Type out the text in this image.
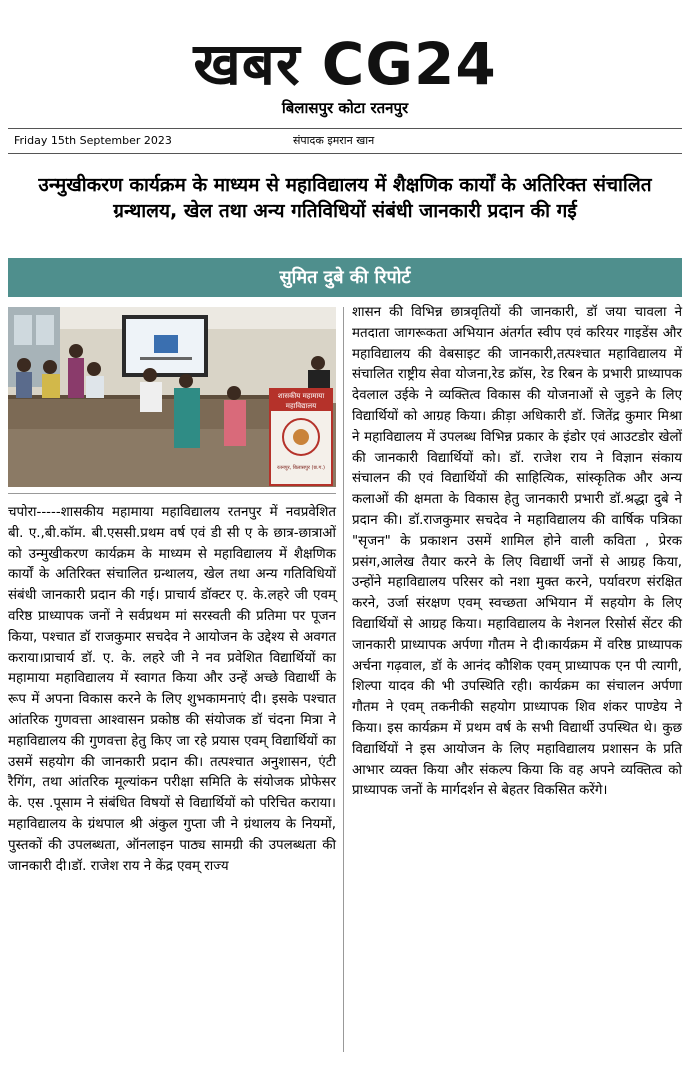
खबर CG24
बिलासपुर कोटा रतनपुर
Friday 15th September 2023	संपादक इमरान खान
उन्मुखीकरण कार्यक्रम के माध्यम से महाविद्यालय में शैक्षणिक कार्यों के अतिरिक्त संचालित ग्रन्थालय, खेल तथा अन्य गतिविधियों संबंधी जानकारी प्रदान की गई
सुमित दुबे की रिपोर्ट
शासकीय महामाया
महाविद्यालय
रतनपुर, बिलासपुर (छ.ग.)
चपोरा-----शासकीय महामाया महाविद्यालय रतनपुर में नवप्रवेशित बी. ए.,बी.कॉम. बी.एससी.प्रथम वर्ष एवं डी सी ए के छात्र-छात्राओं को उन्मुखीकरण कार्यक्रम के माध्यम से महाविद्यालय में शैक्षणिक कार्यों के अतिरिक्त संचालित ग्रन्थालय, खेल तथा अन्य गतिविधियों संबंधी जानकारी प्रदान की गई। प्राचार्य डॉक्टर ए. के.लहरे जी एवम् वरिष्ठ प्राध्यापक जनों ने सर्वप्रथम मां सरस्वती की प्रतिमा पर पूजन किया, पश्चात डॉ राजकुमार सचदेव ने आयोजन के उद्देश्य से अवगत कराया।प्राचार्य डॉ. ए. के. लहरे जी ने नव प्रवेशित विद्यार्थियों का महामाया महाविद्यालय में स्वागत किया और उन्हें अच्छे विद्यार्थी के रूप में अपना विकास करने के लिए शुभकामनाएं दी। इसके पश्चात आंतरिक गुणवत्ता आश्वासन प्रकोष्ठ की संयोजक डॉ चंदना मित्रा ने महाविद्यालय की गुणवत्ता हेतु किए जा रहे प्रयास एवम् विद्यार्थियों का उसमें सहयोग की जानकारी प्रदान की। तत्पश्चात अनुशासन, एंटी रैगिंग, तथा आंतरिक मूल्यांकन परीक्षा समिति के संयोजक प्रोफेसर के. एस .पूसाम ने संबंधित विषयों से विद्यार्थियों को परिचित कराया। महाविद्यालय के ग्रंथपाल श्री अंकुल गुप्ता जी ने ग्रंथालय के नियमों, पुस्तकों की उपलब्धता, ऑनलाइन पाठ्य सामग्री की उपलब्धता की जानकारी दी।डॉ. राजेश राय ने केंद्र एवम् राज्य
शासन की विभिन्न छात्रवृतियों की जानकारी, डॉ जया चावला ने मतदाता जागरूकता अभियान अंतर्गत स्वीप एवं करियर गाइडेंस और महाविद्यालय की वेबसाइट की जानकारी,तत्पश्चात महाविद्यालय में संचालित राष्ट्रीय सेवा योजना,रेड क्रॉस, रेड रिबन के प्रभारी प्राध्यापक देवलाल उईके ने व्यक्तित्व विकास की योजनाओं से जुड़ने के लिए विद्यार्थियों को आग्रह किया। क्रीड़ा अधिकारी डॉ. जितेंद्र कुमार मिश्रा ने महाविद्यालय में उपलब्ध विभिन्न प्रकार के इंडोर एवं आउटडोर खेलों की जानकारी विद्यार्थियों को। डॉ. राजेश राय ने विज्ञान संकाय संचालन की एवं विद्यार्थियों की साहित्यिक, सांस्कृतिक और अन्य कलाओं की क्षमता के विकास हेतु जानकारी प्रभारी डॉ.श्रद्धा दुबे ने प्रदान की। डॉ.राजकुमार सचदेव ने महाविद्यालय की वार्षिक पत्रिका "सृजन" के प्रकाशन उसमें शामिल होने वाली कविता , प्रेरक प्रसंग,आलेख तैयार करने के लिए विद्यार्थी जनों से आग्रह किया, उन्होंने महाविद्यालय परिसर को नशा मुक्त करने, पर्यावरण संरक्षित करने, उर्जा संरक्षण एवम् स्वच्छता अभियान में सहयोग के लिए विद्यार्थियों से आग्रह किया। महाविद्यालय के नेशनल रिसोर्स सेंटर की जानकारी प्राध्यापक अर्पणा गौतम ने दी।कार्यक्रम में वरिष्ठ प्राध्यापक अर्चना गढ़वाल, डॉ के आनंद कौशिक एवम् प्राध्यापक एन पी त्यागी, शिल्पा यादव की भी उपस्थिति रही। कार्यक्रम का संचालन अर्पणा गौतम ने एवम् तकनीकी सहयोग प्राध्यापक शिव शंकर पाण्डेय ने किया। इस कार्यक्रम में प्रथम वर्ष के सभी विद्यार्थी उपस्थित थे। कुछ विद्यार्थियों ने इस आयोजन के लिए महाविद्यालय प्रशासन के प्रति आभार व्यक्त किया और संकल्प किया कि वह अपने व्यक्तित्व को प्राध्यापक जनों के मार्गदर्शन से बेहतर विकसित करेंगे।
